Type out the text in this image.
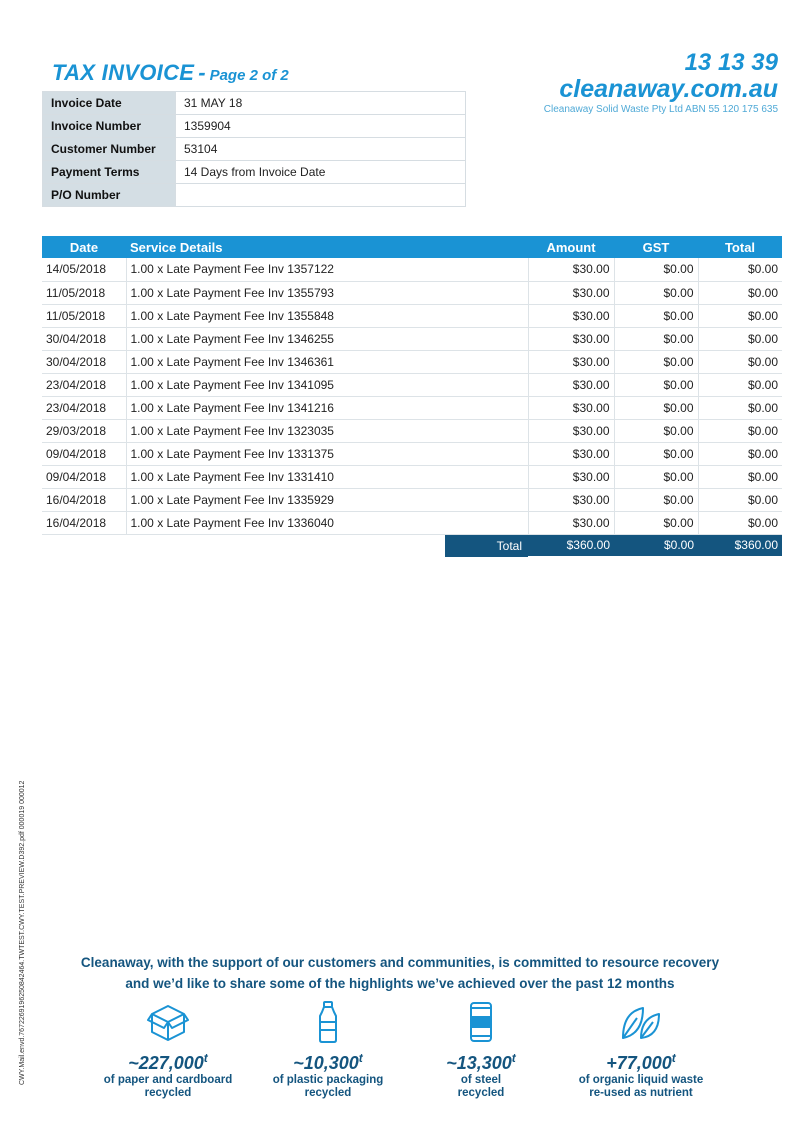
TAX INVOICE - Page 2 of 2	13 13 39
cleanaway.com.au
Cleanaway Solid Waste Pty Ltd ABN 55 120 175 635
Invoice Date	31 MAY 18
Invoice Number	1359904
Customer Number	53104
Payment Terms	14 Days from Invoice Date
P/O Number	
Date	Service Details	Amount	GST	Total
14/05/2018	1.00 x Late Payment Fee Inv 1357122	$30.00	$0.00	$0.00
11/05/2018	1.00 x Late Payment Fee Inv 1355793	$30.00	$0.00	$0.00
11/05/2018	1.00 x Late Payment Fee Inv 1355848	$30.00	$0.00	$0.00
30/04/2018	1.00 x Late Payment Fee Inv 1346255	$30.00	$0.00	$0.00
30/04/2018	1.00 x Late Payment Fee Inv 1346361	$30.00	$0.00	$0.00
23/04/2018	1.00 x Late Payment Fee Inv 1341095	$30.00	$0.00	$0.00
23/04/2018	1.00 x Late Payment Fee Inv 1341216	$30.00	$0.00	$0.00
29/03/2018	1.00 x Late Payment Fee Inv 1323035	$30.00	$0.00	$0.00
09/04/2018	1.00 x Late Payment Fee Inv 1331375	$30.00	$0.00	$0.00
09/04/2018	1.00 x Late Payment Fee Inv 1331410	$30.00	$0.00	$0.00
16/04/2018	1.00 x Late Payment Fee Inv 1335929	$30.00	$0.00	$0.00
16/04/2018	1.00 x Late Payment Fee Inv 1336040	$30.00	$0.00	$0.00

Total		$360.00	$0.00	$360.00
CWY.Mail.envd.7672269196250842464.TWTEST.CWY.TEST.PREVIEW.D392.pdf 000019 000012	Cleanaway, with the support of our customers and communities, is committed to resource recovery
and we’d like to share some of the highlights we’ve achieved over the past 12 months
~227,000$^t$
of paper and cardboard
recycled
~10,300$^t$
of plastic packaging
recycled
~13,300$^t$
of steel
recycled
$+77,000^t$
of organic liquid waste
re-used as nutrient
